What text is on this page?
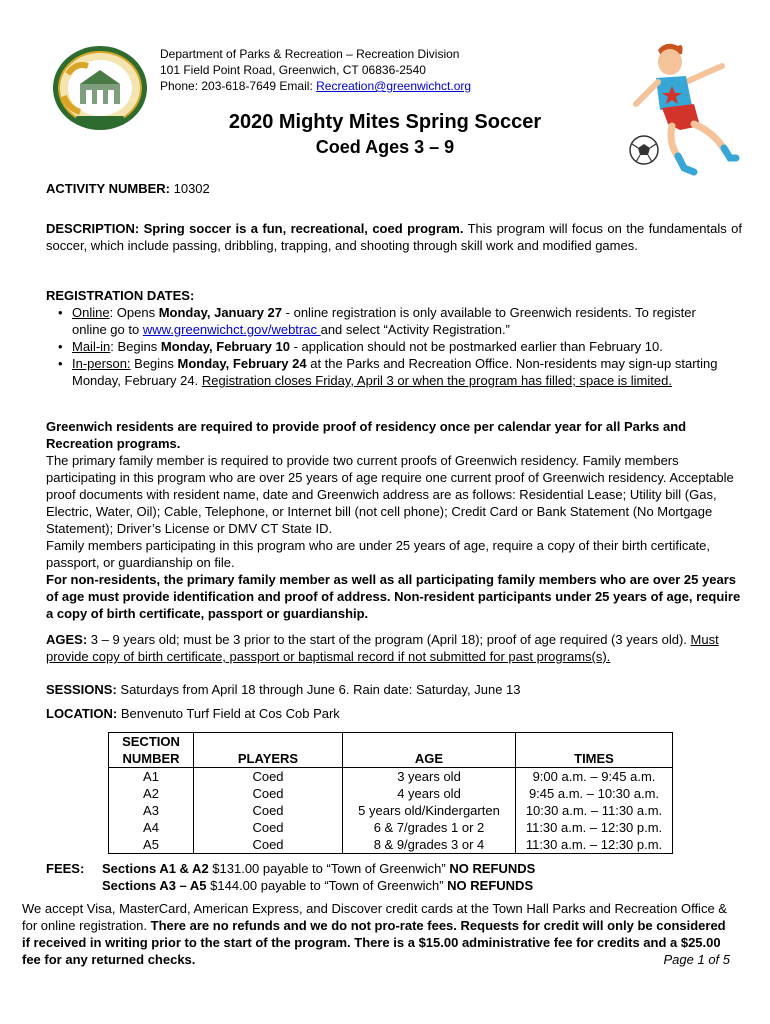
Department of Parks & Recreation – Recreation Division
101 Field Point Road, Greenwich, CT 06836-2540
Phone: 203-618-7649 Email: Recreation@greenwichct.org
2020 Mighty Mites Spring Soccer
Coed Ages 3 – 9
ACTIVITY NUMBER: 10302
DESCRIPTION: Spring soccer is a fun, recreational, coed program. This program will focus on the fundamentals of soccer, which include passing, dribbling, trapping, and shooting through skill work and modified games.
REGISTRATION DATES:
• Online: Opens Monday, January 27 - online registration is only available to Greenwich residents. To register online go to www.greenwichct.gov/webtrac and select “Activity Registration.”
• Mail-in: Begins Monday, February 10 - application should not be postmarked earlier than February 10.
• In-person: Begins Monday, February 24 at the Parks and Recreation Office. Non-residents may sign-up starting Monday, February 24. Registration closes Friday, April 3 or when the program has filled; space is limited.
Greenwich residents are required to provide proof of residency once per calendar year for all Parks and Recreation programs.
The primary family member is required to provide two current proofs of Greenwich residency. Family members participating in this program who are over 25 years of age require one current proof of Greenwich residency. Acceptable proof documents with resident name, date and Greenwich address are as follows: Residential Lease; Utility bill (Gas, Electric, Water, Oil); Cable, Telephone, or Internet bill (not cell phone); Credit Card or Bank Statement (No Mortgage Statement); Driver’s License or DMV CT State ID.
Family members participating in this program who are under 25 years of age, require a copy of their birth certificate, passport, or guardianship on file.
For non-residents, the primary family member as well as all participating family members who are over 25 years of age must provide identification and proof of address. Non-resident participants under 25 years of age, require a copy of birth certificate, passport or guardianship.
AGES: 3 – 9 years old; must be 3 prior to the start of the program (April 18); proof of age required (3 years old). Must provide copy of birth certificate, passport or baptismal record if not submitted for past programs(s).
SESSIONS: Saturdays from April 18 through June 6. Rain date: Saturday, June 13
LOCATION: Benvenuto Turf Field at Cos Cob Park
SECTION NUMBER	PLAYERS	AGE	TIMES
A1	Coed	3 years old	9:00 a.m. – 9:45 a.m.
A2	Coed	4 years old	9:45 a.m. – 10:30 a.m.
A3	Coed	5 years old/Kindergarten	10:30 a.m. – 11:30 a.m.
A4	Coed	6 & 7/grades 1 or 2	11:30 a.m. – 12:30 p.m.
A5	Coed	8 & 9/grades 3 or 4	11:30 a.m. – 12:30 p.m.
FEES: Sections A1 & A2 $131.00 payable to “Town of Greenwich” NO REFUNDS
Sections A3 – A5 $144.00 payable to “Town of Greenwich” NO REFUNDS
We accept Visa, MasterCard, American Express, and Discover credit cards at the Town Hall Parks and Recreation Office & for online registration. There are no refunds and we do not pro-rate fees. Requests for credit will only be considered if received in writing prior to the start of the program. There is a $15.00 administrative fee for credits and a $25.00 fee for any returned checks.	Page 1 of 5
